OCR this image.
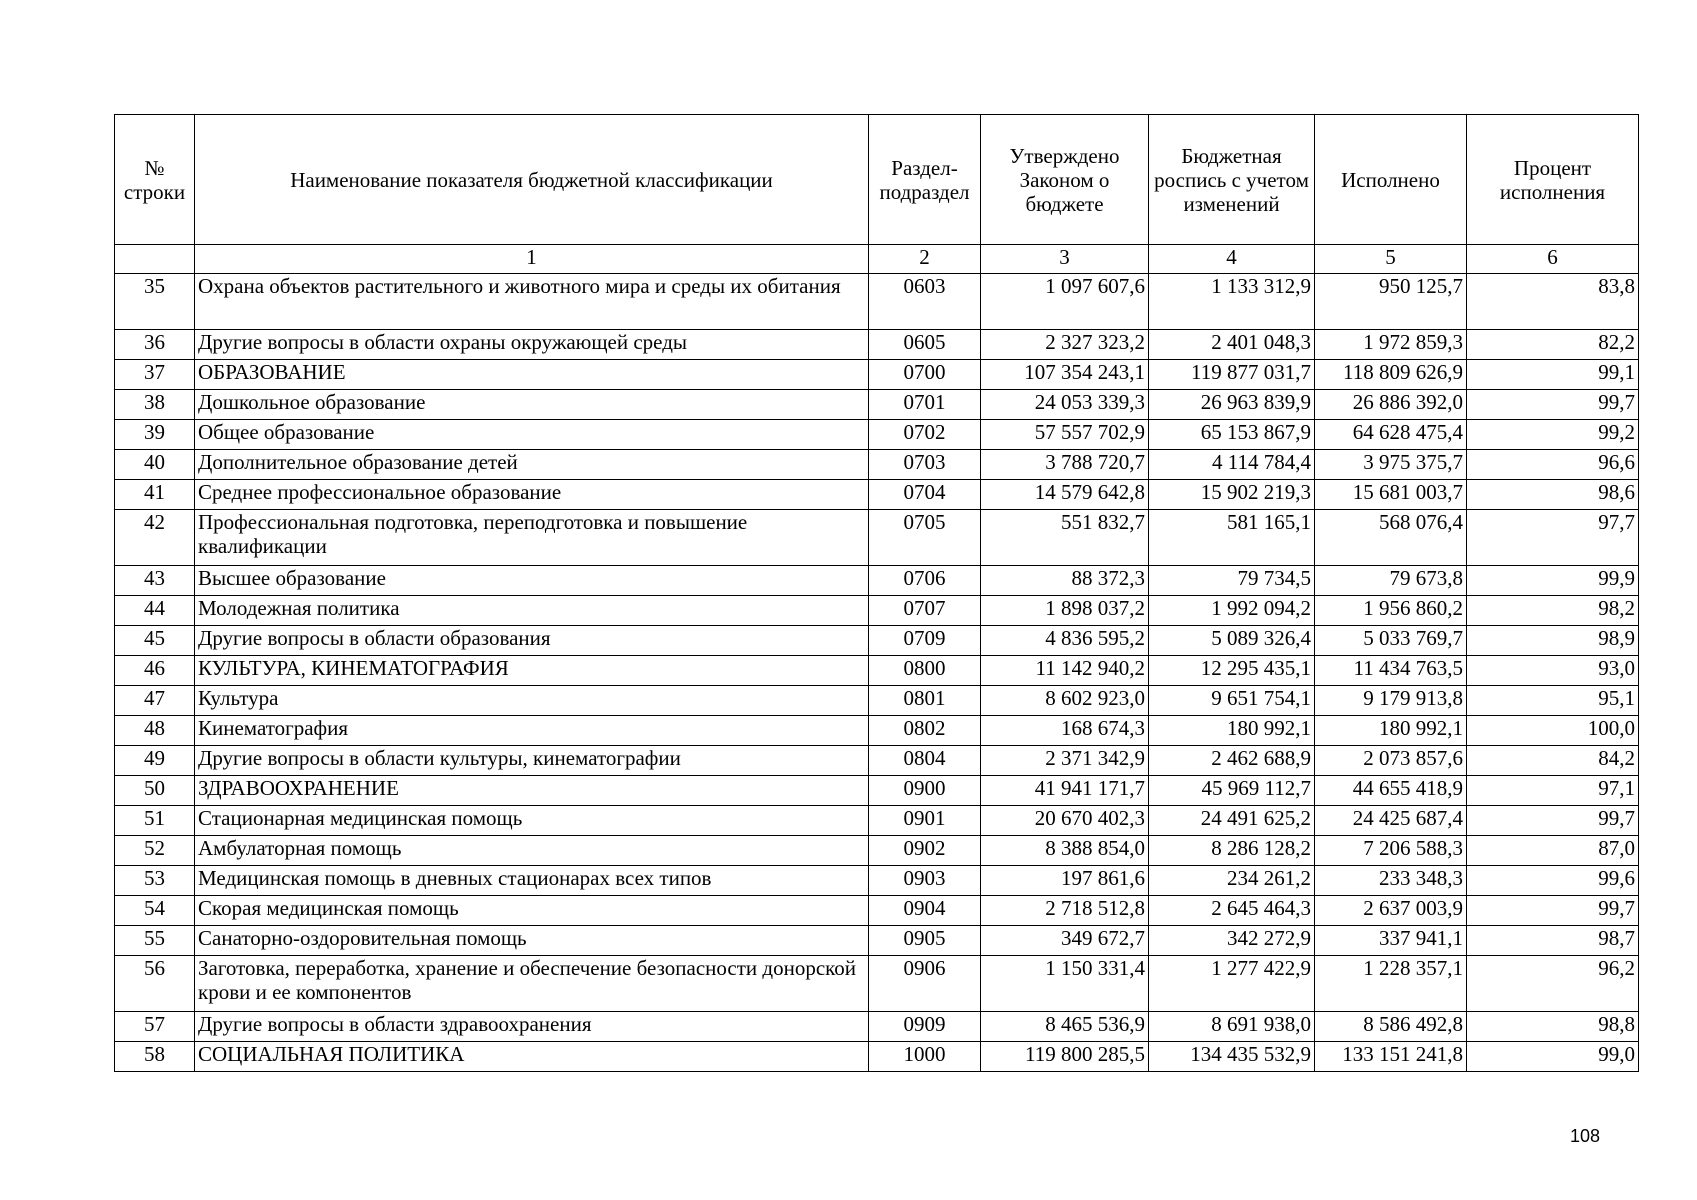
№ строки	Наименование показателя бюджетной классификации	Раздел-подраздел	Утверждено Законом о бюджете	Бюджетная роспись с учетом изменений	Исполнено	Процент исполнения
	1	2	3	4	5	6
35	Охрана объектов растительного и животного мира и среды их обитания	0603	1 097 607,6	1 133 312,9	950 125,7	83,8
36	Другие вопросы в области охраны окружающей среды	0605	2 327 323,2	2 401 048,3	1 972 859,3	82,2
37	ОБРАЗОВАНИЕ	0700	107 354 243,1	119 877 031,7	118 809 626,9	99,1
38	Дошкольное образование	0701	24 053 339,3	26 963 839,9	26 886 392,0	99,7
39	Общее образование	0702	57 557 702,9	65 153 867,9	64 628 475,4	99,2
40	Дополнительное образование детей	0703	3 788 720,7	4 114 784,4	3 975 375,7	96,6
41	Среднее профессиональное образование	0704	14 579 642,8	15 902 219,3	15 681 003,7	98,6
42	Профессиональная подготовка, переподготовка и повышение квалификации	0705	551 832,7	581 165,1	568 076,4	97,7
43	Высшее образование	0706	88 372,3	79 734,5	79 673,8	99,9
44	Молодежная политика	0707	1 898 037,2	1 992 094,2	1 956 860,2	98,2
45	Другие вопросы в области образования	0709	4 836 595,2	5 089 326,4	5 033 769,7	98,9
46	КУЛЬТУРА, КИНЕМАТОГРАФИЯ	0800	11 142 940,2	12 295 435,1	11 434 763,5	93,0
47	Культура	0801	8 602 923,0	9 651 754,1	9 179 913,8	95,1
48	Кинематография	0802	168 674,3	180 992,1	180 992,1	100,0
49	Другие вопросы в области культуры, кинематографии	0804	2 371 342,9	2 462 688,9	2 073 857,6	84,2
50	ЗДРАВООХРАНЕНИЕ	0900	41 941 171,7	45 969 112,7	44 655 418,9	97,1
51	Стационарная медицинская помощь	0901	20 670 402,3	24 491 625,2	24 425 687,4	99,7
52	Амбулаторная помощь	0902	8 388 854,0	8 286 128,2	7 206 588,3	87,0
53	Медицинская помощь в дневных стационарах всех типов	0903	197 861,6	234 261,2	233 348,3	99,6
54	Скорая медицинская помощь	0904	2 718 512,8	2 645 464,3	2 637 003,9	99,7
55	Санаторно-оздоровительная помощь	0905	349 672,7	342 272,9	337 941,1	98,7
56	Заготовка, переработка, хранение и обеспечение безопасности донорской крови и ее компонентов	0906	1 150 331,4	1 277 422,9	1 228 357,1	96,2
57	Другие вопросы в области здравоохранения	0909	8 465 536,9	8 691 938,0	8 586 492,8	98,8
58	СОЦИАЛЬНАЯ ПОЛИТИКА	1000	119 800 285,5	134 435 532,9	133 151 241,8	99,0
108
